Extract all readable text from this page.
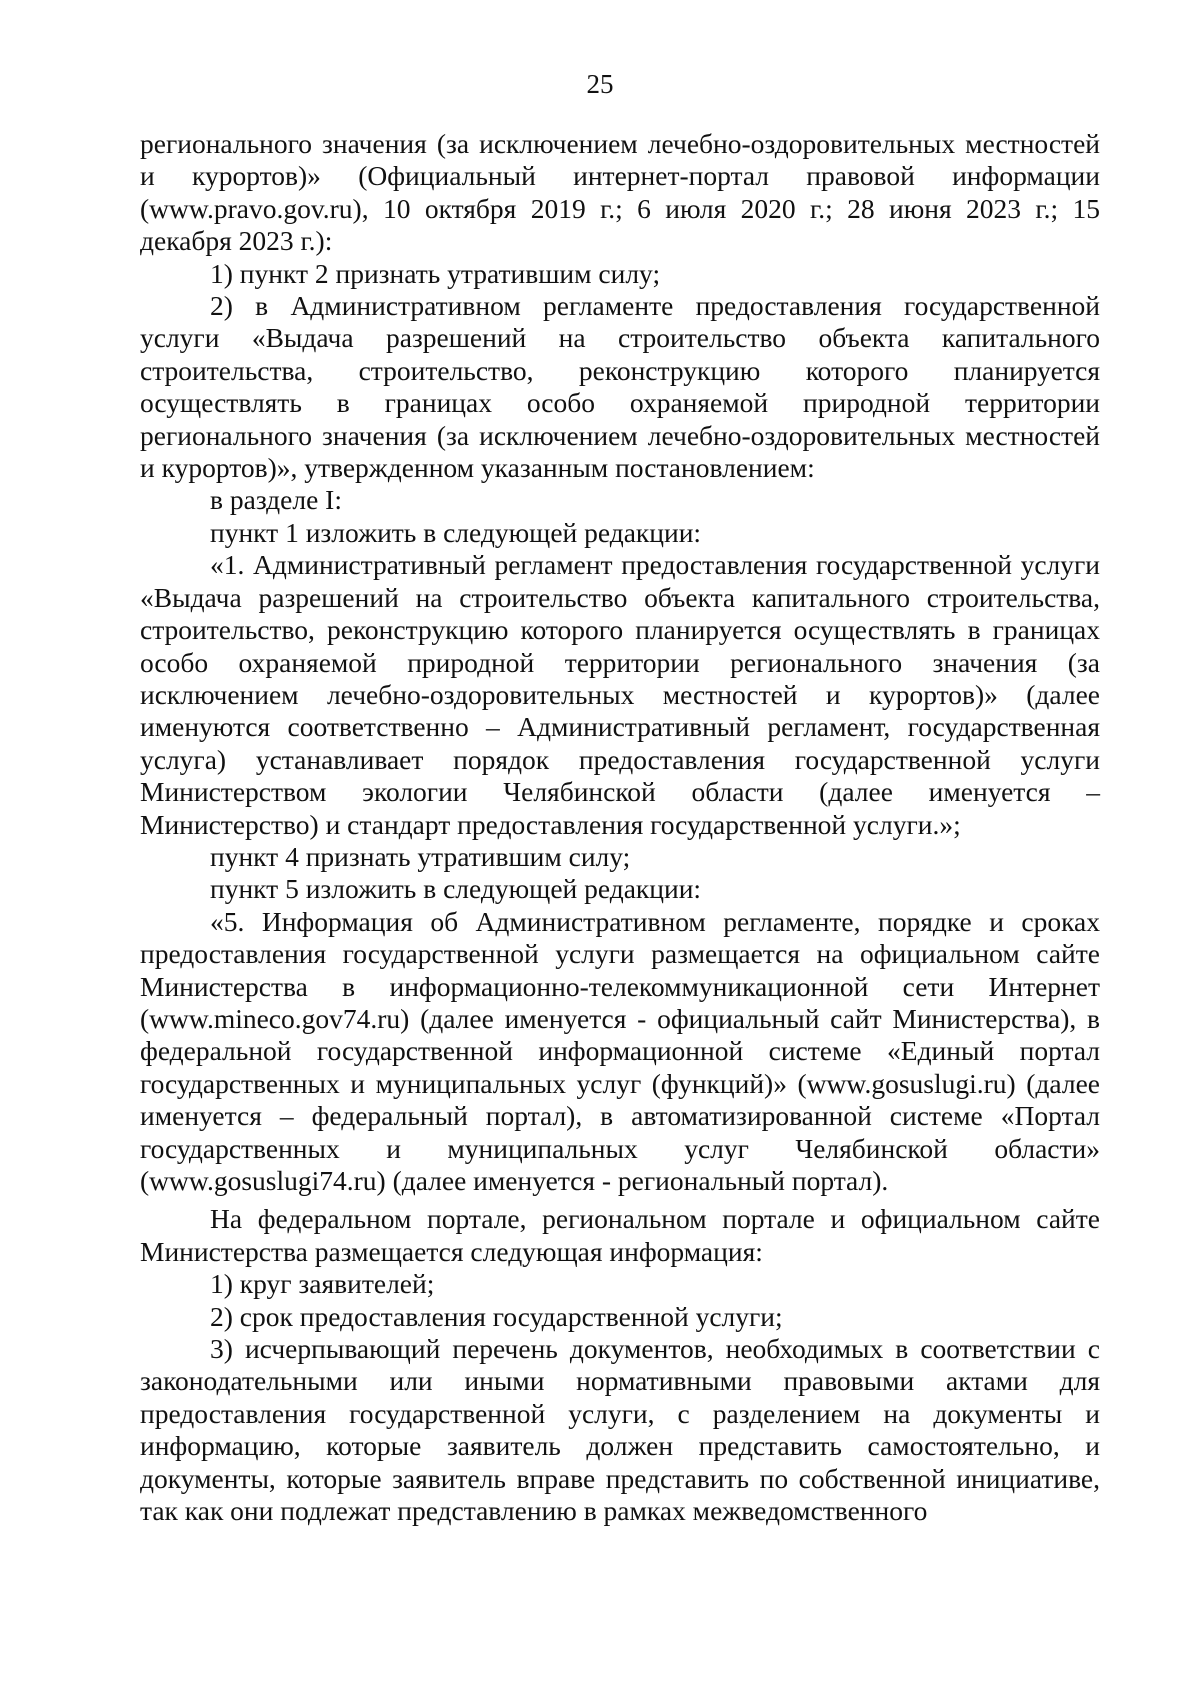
25

регионального значения (за исключением лечебно-оздоровительных местностей и курортов)» (Официальный интернет-портал правовой информации (www.pravo.gov.ru), 10 октября 2019 г.; 6 июля 2020 г.; 28 июня 2023 г.; 15 декабря 2023 г.):

1) пункт 2 признать утратившим силу;

2) в Административном регламенте предоставления государственной услуги «Выдача разрешений на строительство объекта капитального строительства, строительство, реконструкцию которого планируется осуществлять в границах особо охраняемой природной территории регионального значения (за исключением лечебно-оздоровительных местностей и курортов)», утвержденном указанным постановлением:

в разделе I:

пункт 1 изложить в следующей редакции:

«1. Административный регламент предоставления государственной услуги «Выдача разрешений на строительство объекта капитального строительства, строительство, реконструкцию которого планируется осуществлять в границах особо охраняемой природной территории регионального значения (за исключением лечебно-оздоровительных местностей и курортов)» (далее именуются соответственно – Административный регламент, государственная услуга) устанавливает порядок предоставления государственной услуги Министерством экологии Челябинской области (далее именуется – Министерство) и стандарт предоставления государственной услуги.»;

пункт 4 признать утратившим силу;

пункт 5 изложить в следующей редакции:

«5. Информация об Административном регламенте, порядке и сроках предоставления государственной услуги размещается на официальном сайте Министерства в информационно-телекоммуникационной сети Интернет (www.mineco.gov74.ru) (далее именуется - официальный сайт Министерства), в федеральной государственной информационной системе «Единый портал государственных и муниципальных услуг (функций)» (www.gosuslugi.ru) (далее именуется – федеральный портал), в автоматизированной системе «Портал государственных и муниципальных услуг Челябинской области» (www.gosuslugi74.ru) (далее именуется - региональный портал).

На федеральном портале, региональном портале и официальном сайте Министерства размещается следующая информация:

1) круг заявителей;

2) срок предоставления государственной услуги;

3) исчерпывающий перечень документов, необходимых в соответствии с законодательными или иными нормативными правовыми актами для предоставления государственной услуги, с разделением на документы и информацию, которые заявитель должен представить самостоятельно, и документы, которые заявитель вправе представить по собственной инициативе, так как они подлежат представлению в рамках межведомственного
